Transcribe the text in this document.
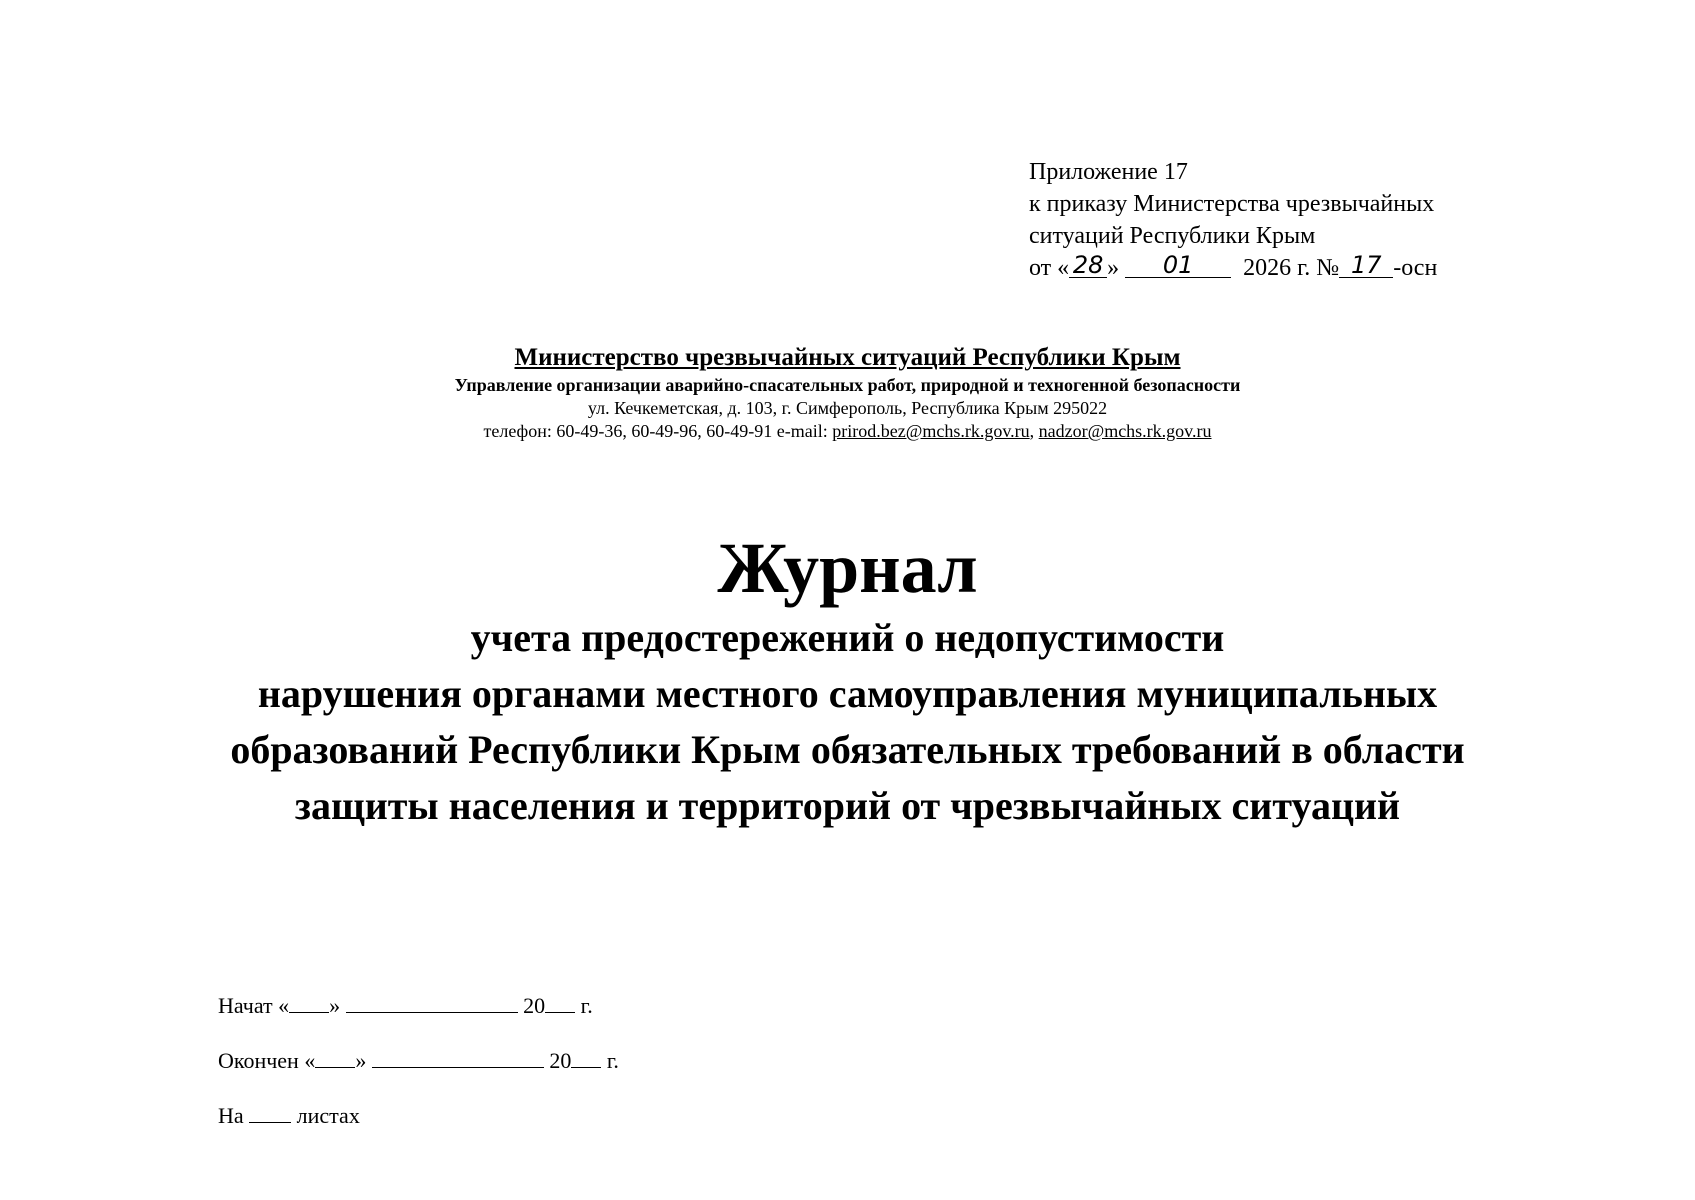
Приложение 17
к приказу Министерства чрезвычайных
ситуаций Республики Крым
от « 28 » 01 2026 г. № 17 -осн
Министерство чрезвычайных ситуаций Республики Крым
Управление организации аварийно-спасательных работ, природной и техногенной безопасности
ул. Кечкеметская, д. 103, г. Симферополь, Республика Крым 295022
телефон: 60-49-36, 60-49-96, 60-49-91 e-mail: prirod.bez@mchs.rk.gov.ru, nadzor@mchs.rk.gov.ru
Журнал
учета предостережений о недопустимости
нарушения органами местного самоуправления муниципальных
образований Республики Крым обязательных требований в области
защиты населения и территорий от чрезвычайных ситуаций
Начат « »	20 г.
Окончен « »	20 г.
На листах
